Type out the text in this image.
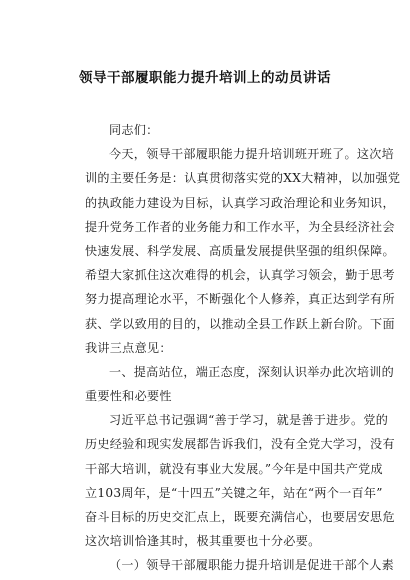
领导干部履职能力提升培训上的动员讲话
同志们：
今天，领导干部履职能力提升培训班开班了。这次培
训的主要任务是：认真贯彻落实党的XX大精神，以加强党
的执政能力建设为目标，认真学习政治理论和业务知识，
提升党务工作者的业务能力和工作水平，为全县经济社会
快速发展、科学发展、高质量发展提供坚强的组织保障。
希望大家抓住这次难得的机会，认真学习领会，勤于思考
努力提高理论水平，不断强化个人修养，真正达到学有所
获、学以致用的目的，以推动全县工作跃上新台阶。下面
我讲三点意见：
一、提高站位，端正态度，深刻认识举办此次培训的
重要性和必要性
习近平总书记强调“善于学习，就是善于进步。党的
历史经验和现实发展都告诉我们，没有全党大学习，没有
干部大培训，就没有事业大发展。”今年是中国共产党成
立103周年，是“十四五”关键之年，站在“两个一百年”
奋斗目标的历史交汇点上，既要充满信心，也要居安思危
这次培训恰逢其时，极其重要也十分必要。
（一）领导干部履职能力提升培训是促进干部个人素
